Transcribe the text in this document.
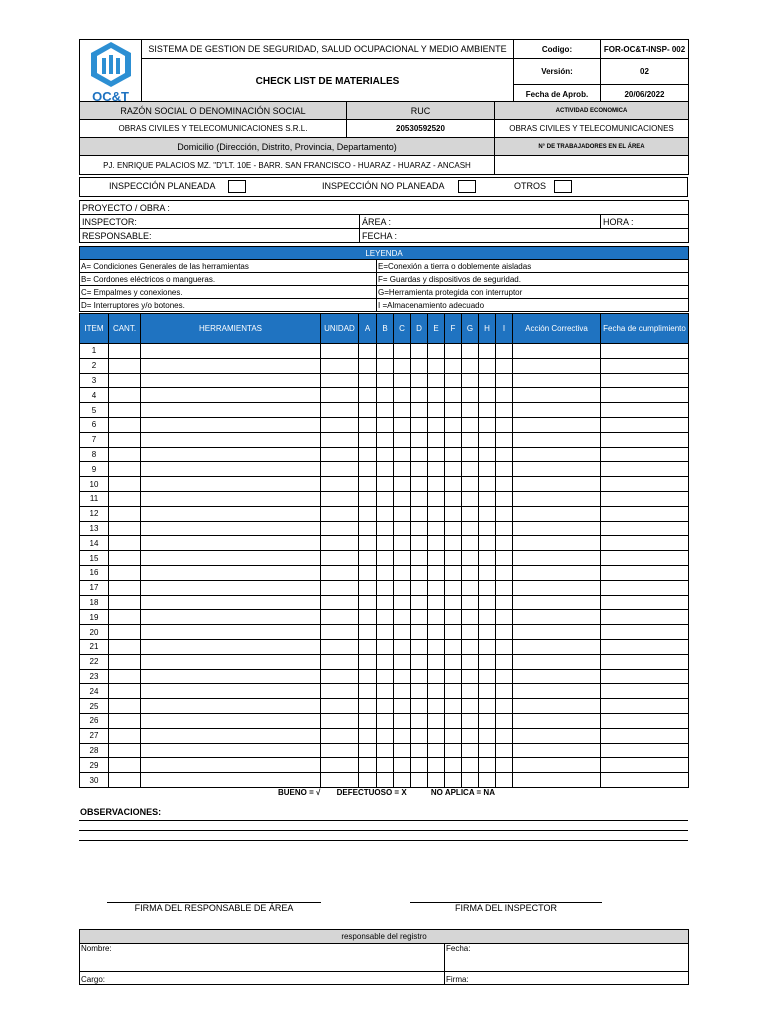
OC&T	SISTEMA DE GESTION DE SEGURIDAD, SALUD OCUPACIONAL Y MEDIO AMBIENTE	Codigo:	FOR-OC&T-INSP- 002
	CHECK LIST DE MATERIALES	Versión:	02
		Fecha de Aprob.	20/06/2022
RAZÓN SOCIAL O DENOMINACIÓN SOCIAL	RUC	ACTIVIDAD ECONOMICA
OBRAS CIVILES Y TELECOMUNICACIONES S.R.L.	20530592520	OBRAS CIVILES Y TELECOMUNICACIONES
Domicilio (Dirección, Distrito, Provincia, Departamento)		N° DE TRABAJADORES EN EL ÁREA
PJ. ENRIQUE PALACIOS MZ. "D"LT. 10E - BARR. SAN FRANCISCO - HUARAZ - HUARAZ - ANCASH		
INSPECCIÓN PLANEADA	INSPECCIÓN NO PLANEADA	OTROS
PROYECTO / OBRA :		
INSPECTOR:	ÁREA :	HORA :
RESPONSABLE:	FECHA :	
LEYENDA	
A= Condiciones Generales de las herramientas	E=Conexión a tierra o doblemente aisladas
B= Cordones eléctricos o mangueras.	F= Guardas y dispositivos de seguridad.
C= Empalmes y conexiones.	G=Herramienta protegida con interruptor
D= Interruptores y/o botones.	I =Almacenamiento adecuado
ITEM	CANT.	HERRAMIENTAS	UNIDAD	A	B	C	D	E	F	G	H	I	Acción Correctiva	Fecha de cumplimiento
1														
2														
3														
4														
5														
6														
7														
8														
9														
10														
11														
12														
13														
14														
15														
16														
17														
18														
19														
20														
21														
22														
23														
24														
25														
26														
27														
28														
29														
30														
BUENO = √ DEFECTUOSO = X	NO APLICA = NA
OBSERVACIONES:
FIRMA DEL RESPONSABLE DE ÁREA	FIRMA DEL INSPECTOR
responsable del registro	
Nombre:	Fecha:
Cargo:	Firma:
